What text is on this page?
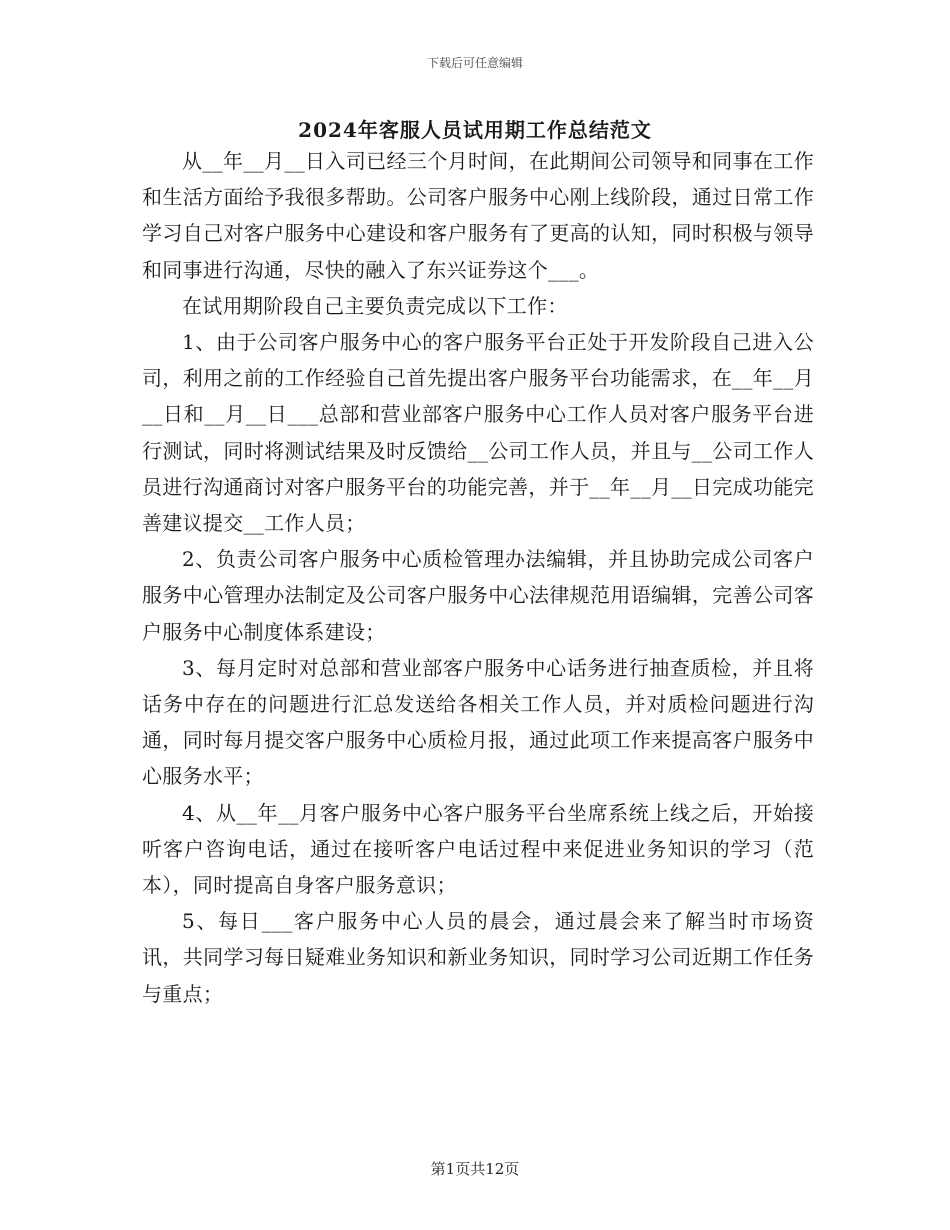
下载后可任意编辑
2024年客服人员试用期工作总结范文

从__年__月__日入司已经三个月时间，在此期间公司领导和同事在工作和生活方面给予我很多帮助。公司客户服务中心刚上线阶段，通过日常工作学习自己对客户服务中心建设和客户服务有了更高的认知，同时积极与领导和同事进行沟通，尽快的融入了东兴证券这个___。

在试用期阶段自己主要负责完成以下工作：

1、由于公司客户服务中心的客户服务平台正处于开发阶段自己进入公司，利用之前的工作经验自己首先提出客户服务平台功能需求，在__年__月__日和__月__日___总部和营业部客户服务中心工作人员对客户服务平台进行测试，同时将测试结果及时反馈给__公司工作人员，并且与__公司工作人员进行沟通商讨对客户服务平台的功能完善，并于__年__月__日完成功能完善建议提交__工作人员；

2、负责公司客户服务中心质检管理办法编辑，并且协助完成公司客户服务中心管理办法制定及公司客户服务中心法律规范用语编辑，完善公司客户服务中心制度体系建设；

3、每月定时对总部和营业部客户服务中心话务进行抽查质检，并且将话务中存在的问题进行汇总发送给各相关工作人员，并对质检问题进行沟通，同时每月提交客户服务中心质检月报，通过此项工作来提高客户服务中心服务水平；

4、从__年__月客户服务中心客户服务平台坐席系统上线之后，开始接听客户咨询电话，通过在接听客户电话过程中来促进业务知识的学习（范本），同时提高自身客户服务意识；

5、每日___客户服务中心人员的晨会，通过晨会来了解当时市场资讯，共同学习每日疑难业务知识和新业务知识，同时学习公司近期工作任务与重点；

第1页共12页
